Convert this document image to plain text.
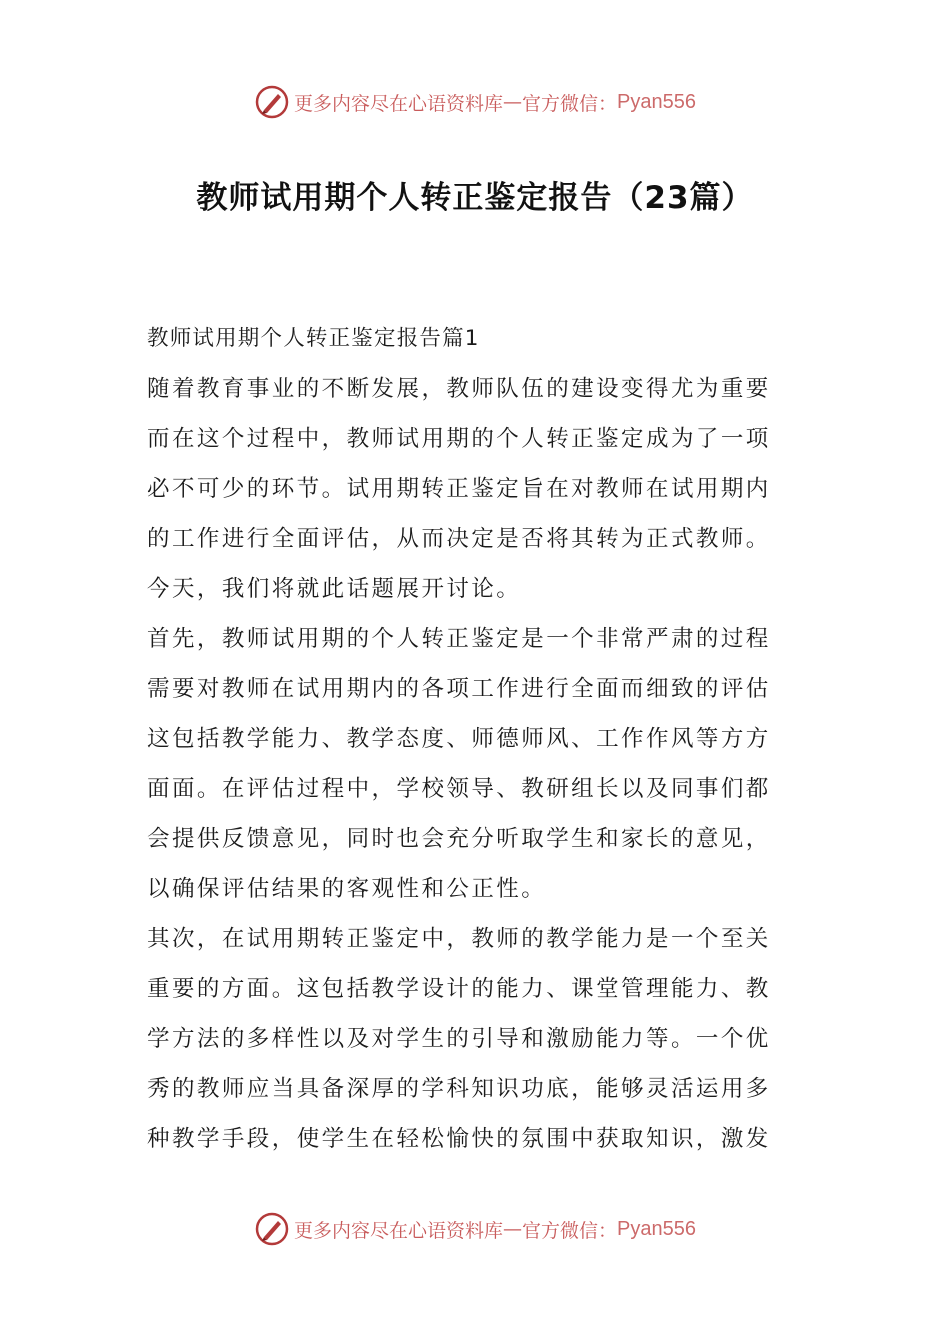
更多内容尽在心语资料库 — 官方微信： Pyan556
教师试用期个人转正鉴定报告（23篇）
教师试用期个人转正鉴定报告篇1
随着教育事业的不断发展，教师队伍的建设变得尤为重要
而在这个过程中，教师试用期的个人转正鉴定成为了一项
必不可少的环节。试用期转正鉴定旨在对教师在试用期内
的工作进行全面评估，从而决定是否将其转为正式教师。
今天，我们将就此话题展开讨论。
首先，教师试用期的个人转正鉴定是一个非常严肃的过程
需要对教师在试用期内的各项工作进行全面而细致的评估
这包括教学能力、教学态度、师德师风、工作作风等方方
面面。在评估过程中，学校领导、教研组长以及同事们都
会提供反馈意见，同时也会充分听取学生和家长的意见，
以确保评估结果的客观性和公正性。
其次，在试用期转正鉴定中，教师的教学能力是一个至关
重要的方面。这包括教学设计的能力、课堂管理能力、教
学方法的多样性以及对学生的引导和激励能力等。一个优
秀的教师应当具备深厚的学科知识功底，能够灵活运用多
种教学手段，使学生在轻松愉快的氛围中获取知识，激发
更多内容尽在心语资料库 — 官方微信： Pyan556
